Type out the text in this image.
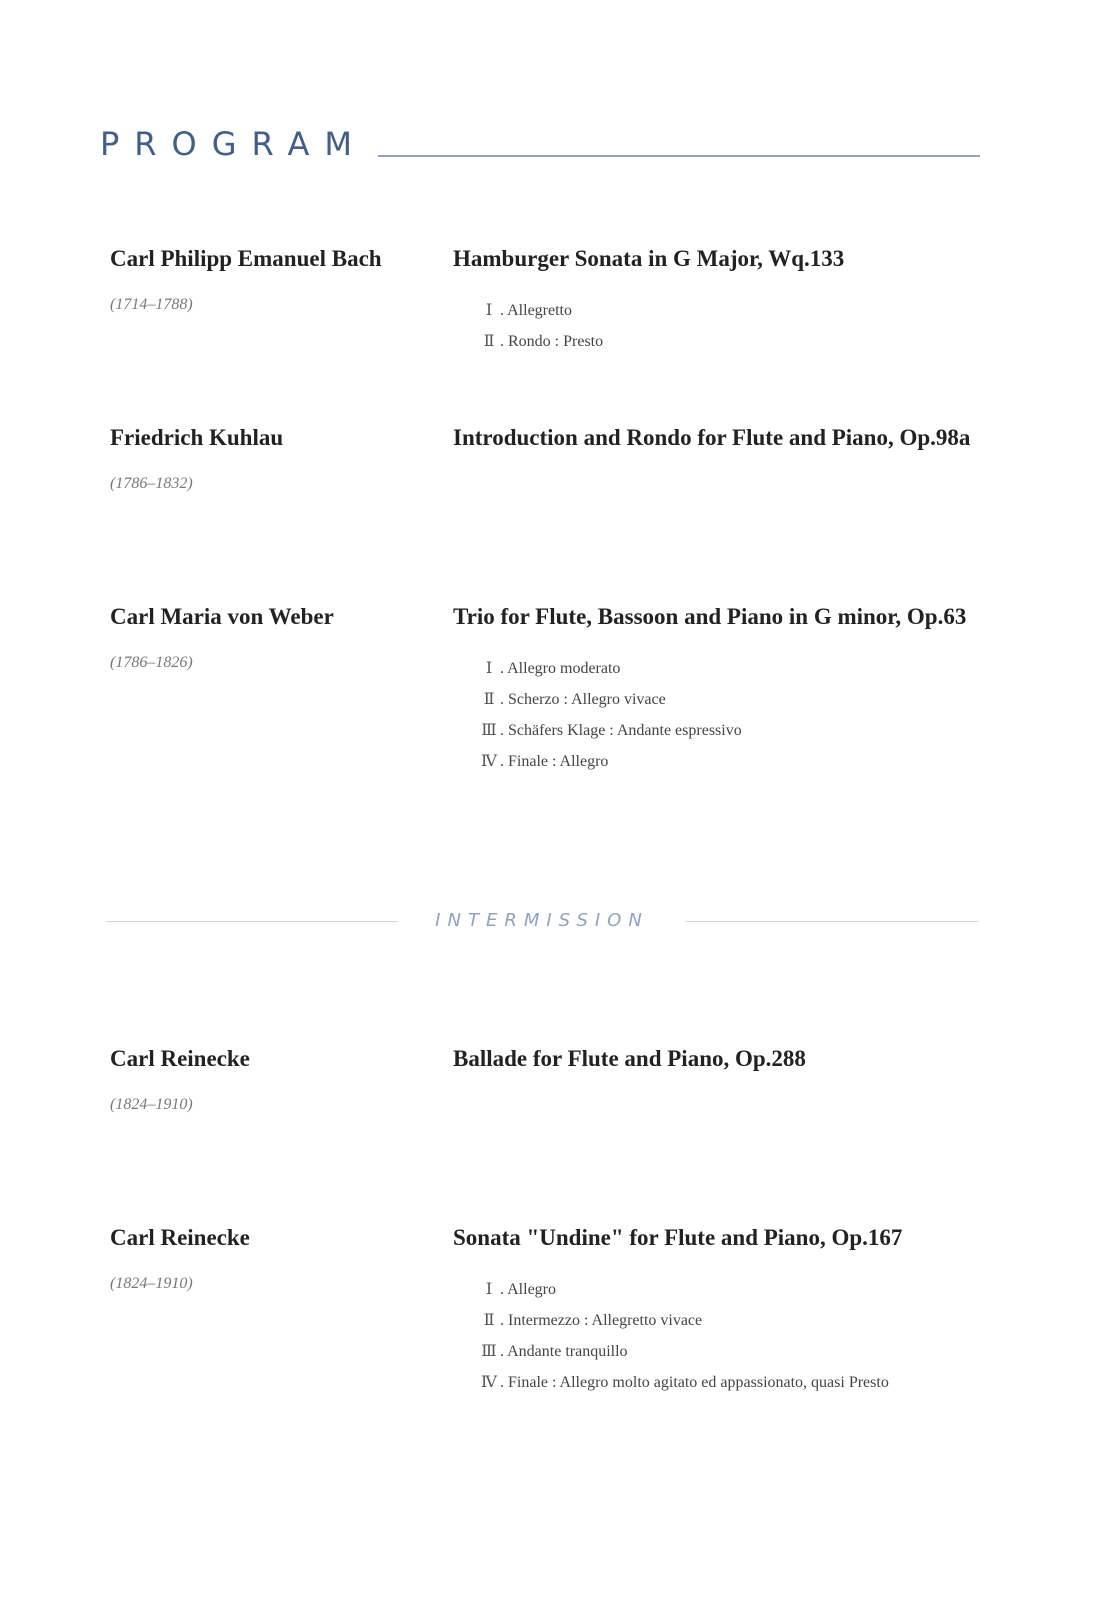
PROGRAM
Carl Philipp Emanuel Bach
(1714–1788)
Hamburger Sonata in G Major, Wq.133
Ⅰ . Allegretto
Ⅱ . Rondo : Presto
Friedrich Kuhlau
(1786–1832)
Introduction and Rondo for Flute and Piano, Op.98a
Carl Maria von Weber
(1786–1826)
Trio for Flute, Bassoon and Piano in G minor, Op.63
Ⅰ . Allegro moderato
Ⅱ . Scherzo : Allegro vivace
Ⅲ . Schäfers Klage : Andante espressivo
Ⅳ . Finale : Allegro
INTERMISSION
Carl Reinecke
(1824–1910)
Ballade for Flute and Piano, Op.288
Carl Reinecke
(1824–1910)
Sonata "Undine" for Flute and Piano, Op.167
Ⅰ . Allegro
Ⅱ . Intermezzo : Allegretto vivace
Ⅲ . Andante tranquillo
Ⅳ . Finale : Allegro molto agitato ed appassionato, quasi Presto
